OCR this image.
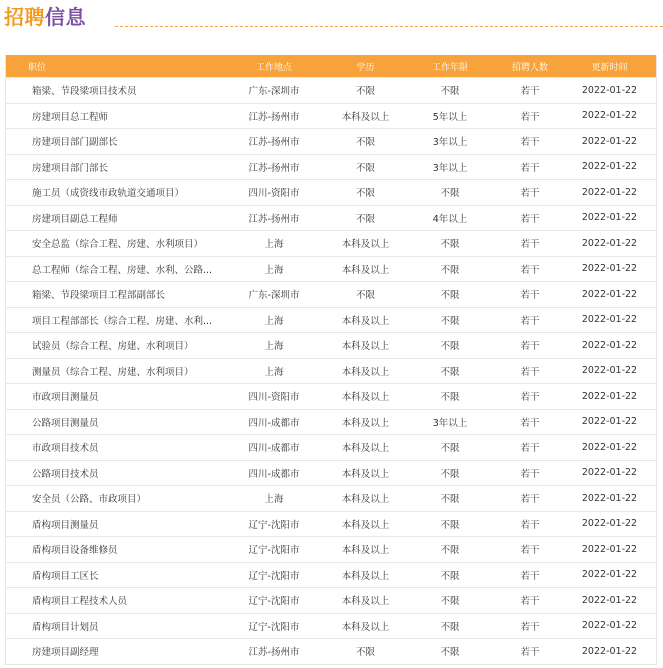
招聘信息
职位	工作地点	学历	工作年限	招聘人数	更新时间
箱梁、节段梁项目技术员	广东-深圳市	不限	不限	若干	2022-01-22
房建项目总工程师	江苏-扬州市	本科及以上	5年以上	若干	2022-01-22
房建项目部门副部长	江苏-扬州市	不限	3年以上	若干	2022-01-22
房建项目部门部长	江苏-扬州市	不限	3年以上	若干	2022-01-22
施工员（成资线市政轨道交通项目）	四川-资阳市	不限	不限	若干	2022-01-22
房建项目副总工程师	江苏-扬州市	不限	4年以上	若干	2022-01-22
安全总监（综合工程、房建、水利项目）	上海	本科及以上	不限	若干	2022-01-22
总工程师（综合工程、房建、水利、公路...	上海	本科及以上	不限	若干	2022-01-22
箱梁、节段梁项目工程部副部长	广东-深圳市	不限	不限	若干	2022-01-22
项目工程部部长（综合工程、房建、水利...	上海	本科及以上	不限	若干	2022-01-22
试验员（综合工程、房建、水利项目）	上海	本科及以上	不限	若干	2022-01-22
测量员（综合工程、房建、水利项目）	上海	本科及以上	不限	若干	2022-01-22
市政项目测量员	四川-资阳市	本科及以上	不限	若干	2022-01-22
公路项目测量员	四川-成都市	本科及以上	3年以上	若干	2022-01-22
市政项目技术员	四川-成都市	本科及以上	不限	若干	2022-01-22
公路项目技术员	四川-成都市	本科及以上	不限	若干	2022-01-22
安全员（公路、市政项目）	上海	本科及以上	不限	若干	2022-01-22
盾构项目测量员	辽宁-沈阳市	本科及以上	不限	若干	2022-01-22
盾构项目设备维修员	辽宁-沈阳市	本科及以上	不限	若干	2022-01-22
盾构项目工区长	辽宁-沈阳市	本科及以上	不限	若干	2022-01-22
盾构项目工程技术人员	辽宁-沈阳市	本科及以上	不限	若干	2022-01-22
盾构项目计划员	辽宁-沈阳市	本科及以上	不限	若干	2022-01-22
房建项目副经理	江苏-扬州市	不限	不限	若干	2022-01-22
